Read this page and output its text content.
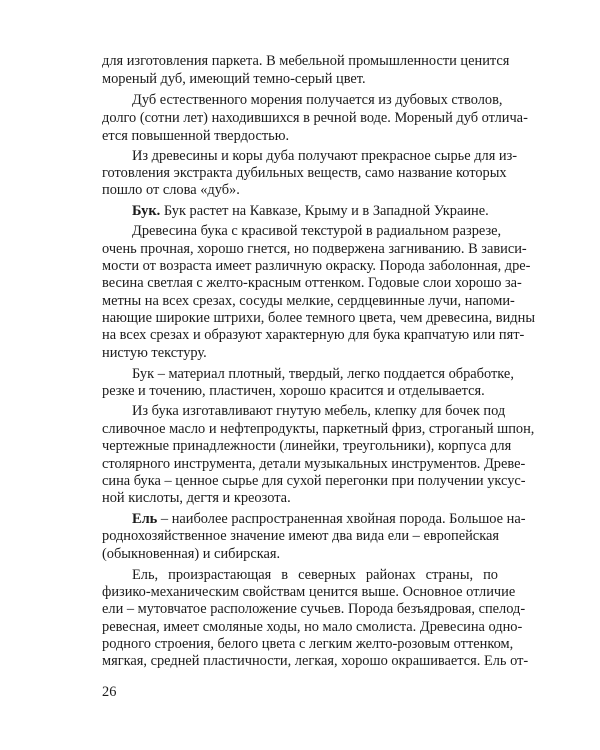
для изготовления паркета. В мебельной промышленности ценится
мореный дуб, имеющий темно-серый цвет.
Дуб естественного морения получается из дубовых стволов,
долго (сотни лет) находившихся в речной воде. Мореный дуб отлича-
ется повышенной твердостью.
Из древесины и коры дуба получают прекрасное сырье для из-
готовления экстракта дубильных веществ, само название которых
пошло от слова «дуб».
Бук. Бук растет на Кавказе, Крыму и в Западной Украине.
Древесина бука с красивой текстурой в радиальном разрезе,
очень прочная, хорошо гнется, но подвержена загниванию. В зависи-
мости от возраста имеет различную окраску. Порода заболонная, дре-
весина светлая с желто-красным оттенком. Годовые слои хорошо за-
метны на всех срезах, сосуды мелкие, сердцевинные лучи, напоми-
нающие широкие штрихи, более темного цвета, чем древесина, видны
на всех срезах и образуют характерную для бука крапчатую или пят-
нистую текстуру.
Бук – материал плотный, твердый, легко поддается обработке,
резке и точению, пластичен, хорошо красится и отделывается.
Из бука изготавливают гнутую мебель, клепку для бочек под
сливочное масло и нефтепродукты, паркетный фриз, строганый шпон,
чертежные принадлежности (линейки, треугольники), корпуса для
столярного инструмента, детали музыкальных инструментов. Древе-
сина бука – ценное сырье для сухой перегонки при получении уксус-
ной кислоты, дегтя и креозота.
Ель – наиболее распространенная хвойная порода. Большое на-
роднохозяйственное значение имеют два вида ели – европейская
(обыкновенная) и сибирская.
Ель, произрастающая в северных районах страны, по
физико-механическим свойствам ценится выше. Основное отличие
ели – мутовчатое расположение сучьев. Порода безъядровая, спелод-
ревесная, имеет смоляные ходы, но мало смолиста. Древесина одно-
родного строения, белого цвета с легким желто-розовым оттенком,
мягкая, средней пластичности, легкая, хорошо окрашивается. Ель от-
26
